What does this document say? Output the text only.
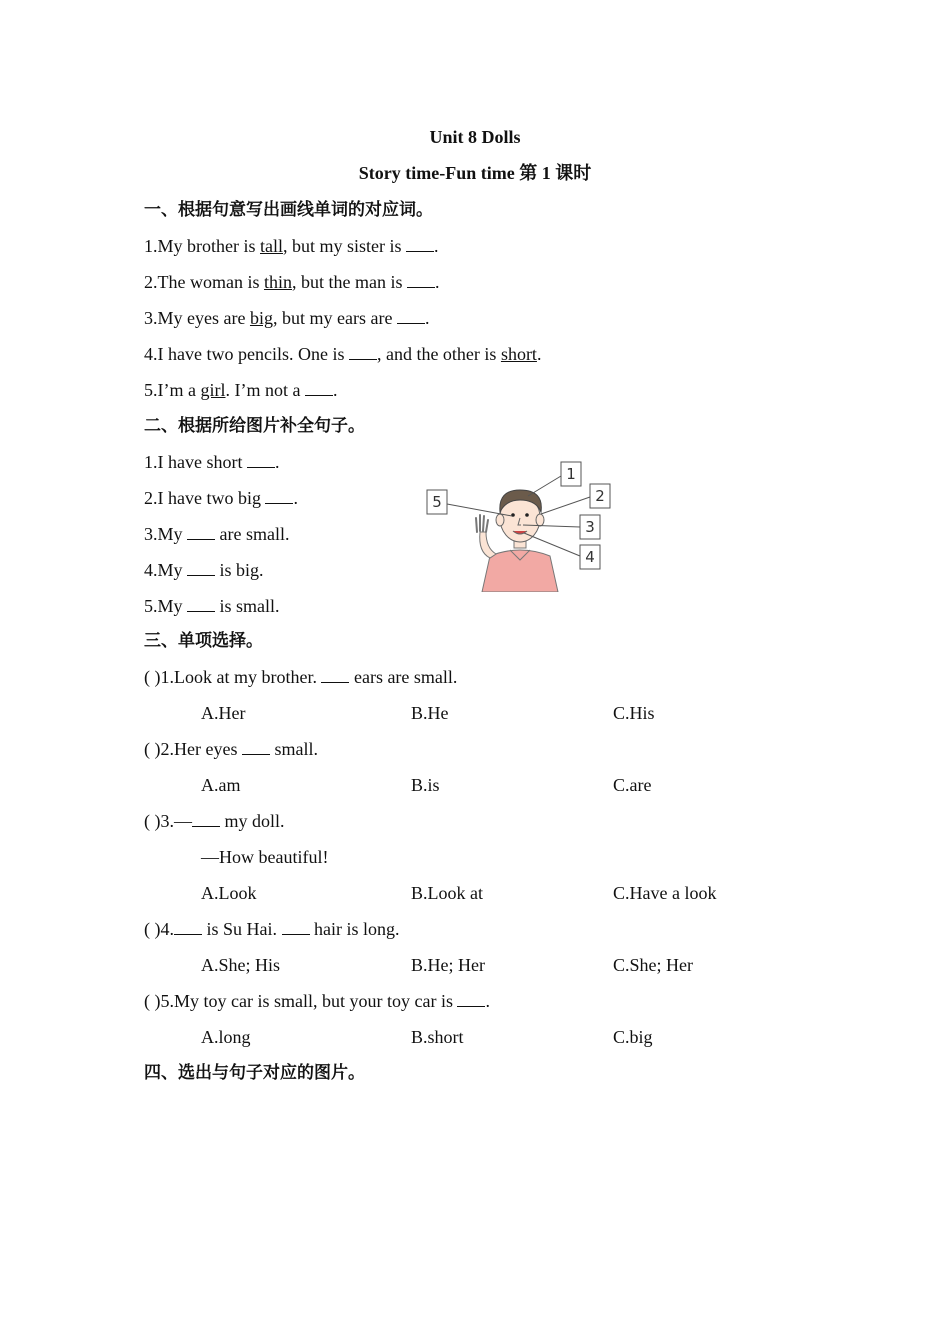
Unit 8 Dolls
Story time-Fun time 第 1 课时
一、根据句意写出画线单词的对应词。
1.My brother is tall, but my sister is .
2.The woman is thin, but the man is .
3.My eyes are big, but my ears are .
4.I have two pencils. One is , and the other is short.
5.I’m a girl. I’m not a .
二、根据所给图片补全句子。
1.I have short .
2.I have two big .
3.My  are small.
4.My  is big.
5.My  is small.
1
2
3
4
5
三、单项选择。
( )1.Look at my brother.  ears are small.
A.Her	B.He	C.His
( )2.Her eyes  small.
A.am	B.is	C.are
( )3.— my doll.
—How beautiful!
A.Look	B.Look at	C.Have a look
( )4. is Su Hai.  hair is long.
A.She; His	B.He; Her	C.She; Her
( )5.My toy car is small, but your toy car is .
A.long	B.short	C.big
四、选出与句子对应的图片。
